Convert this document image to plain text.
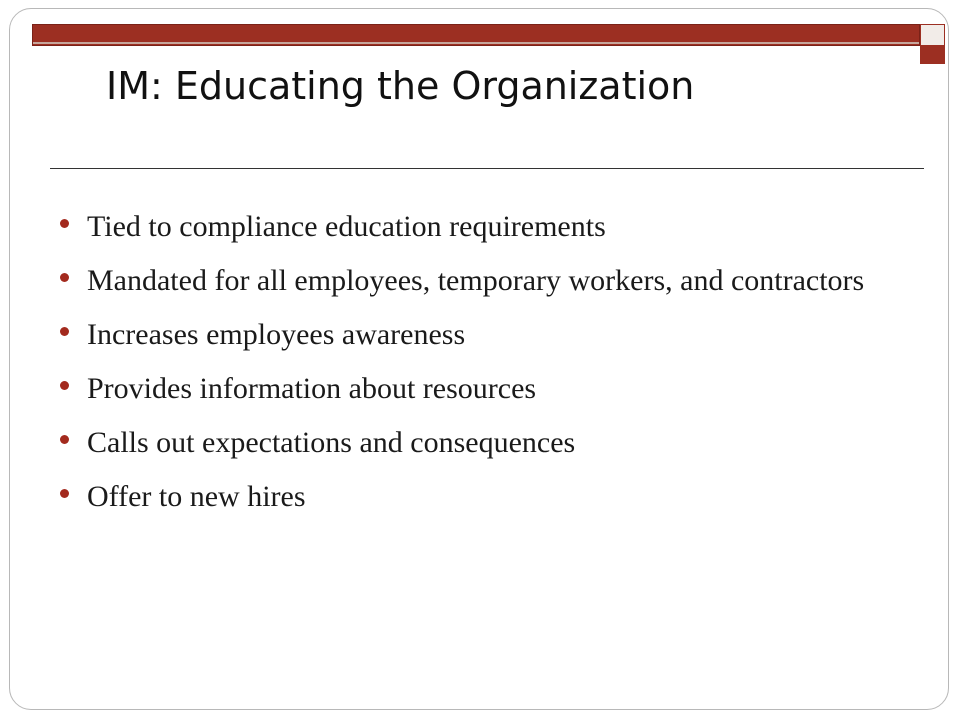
IM: Educating the Organization
Tied to compliance education requirements
Mandated for all employees, temporary workers, and contractors
Increases employees awareness
Provides information about resources
Calls out expectations and consequences
Offer to new hires
